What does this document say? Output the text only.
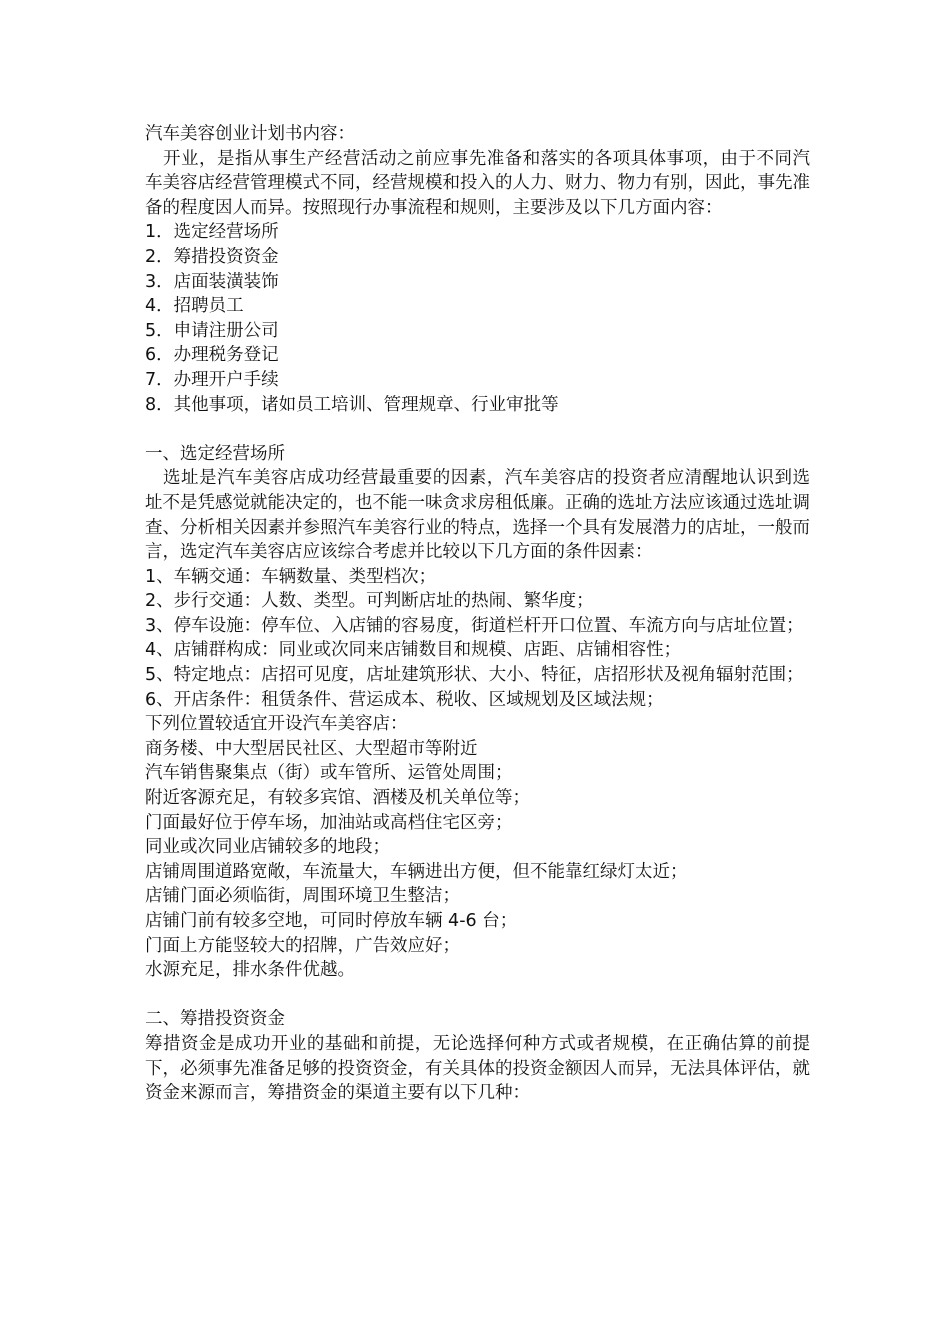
汽车美容创业计划书内容：

开业，是指从事生产经营活动之前应事先准备和落实的各项具体事项，由于不同汽车美容店经营管理模式不同，经营规模和投入的人力、财力、物力有别，因此，事先准备的程度因人而异。按照现行办事流程和规则，主要涉及以下几方面内容：

1．选定经营场所

2．筹措投资资金

3．店面装潢装饰

4．招聘员工

5．申请注册公司

6．办理税务登记

7．办理开户手续

8．其他事项，诸如员工培训、管理规章、行业审批等

一、选定经营场所

选址是汽车美容店成功经营最重要的因素，汽车美容店的投资者应清醒地认识到选址不是凭感觉就能决定的，也不能一味贪求房租低廉。正确的选址方法应该通过选址调查、分析相关因素并参照汽车美容行业的特点，选择一个具有发展潜力的店址，一般而言，选定汽车美容店应该综合考虑并比较以下几方面的条件因素：

1、车辆交通：车辆数量、类型档次；

2、步行交通：人数、类型。可判断店址的热闹、繁华度；

3、停车设施：停车位、入店铺的容易度，街道栏杆开口位置、车流方向与店址位置；

4、店铺群构成：同业或次同来店铺数目和规模、店距、店铺相容性；

5、特定地点：店招可见度，店址建筑形状、大小、特征，店招形状及视角辐射范围；

6、开店条件：租赁条件、营运成本、税收、区域规划及区域法规；

下列位置较适宜开设汽车美容店：

商务楼、中大型居民社区、大型超市等附近

汽车销售聚集点（街）或车管所、运管处周围；

附近客源充足，有较多宾馆、酒楼及机关单位等；

门面最好位于停车场，加油站或高档住宅区旁；

同业或次同业店铺较多的地段；

店铺周围道路宽敞，车流量大，车辆进出方便，但不能靠红绿灯太近；

店铺门面必须临街，周围环境卫生整洁；

店铺门前有较多空地，可同时停放车辆 4-6 台；

门面上方能竖较大的招牌，广告效应好；

水源充足，排水条件优越。

二、筹措投资资金

筹措资金是成功开业的基础和前提，无论选择何种方式或者规模，在正确估算的前提下，必须事先准备足够的投资资金，有关具体的投资金额因人而异，无法具体评估，就资金来源而言，筹措资金的渠道主要有以下几种：
